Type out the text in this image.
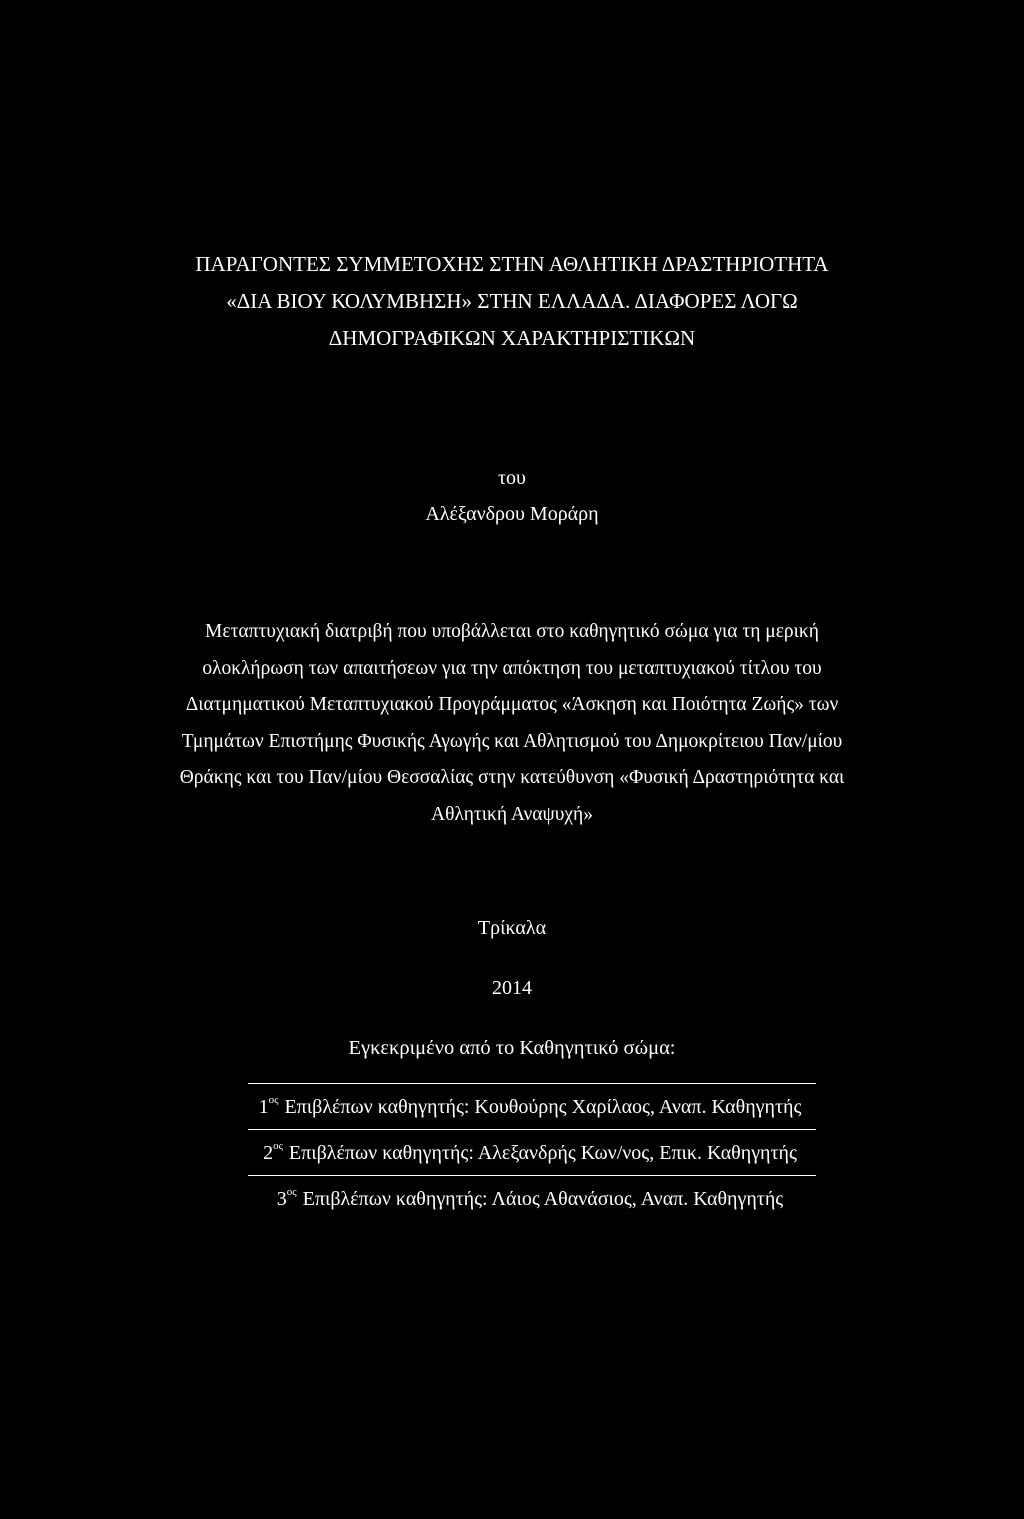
ΠΑΡΑΓΟΝΤΕΣ ΣΥΜΜΕΤΟΧΗΣ ΣΤΗΝ ΑΘΛΗΤΙΚΗ ΔΡΑΣΤΗΡΙΟΤΗΤΑ
«ΔΙΑ ΒΙΟΥ ΚΟΛΥΜΒΗΣΗ» ΣΤΗΝ ΕΛΛΑΔΑ. ΔΙΑΦΟΡΕΣ ΛΟΓΩ
ΔΗΜΟΓΡΑΦΙΚΩΝ ΧΑΡΑΚΤΗΡΙΣΤΙΚΩΝ
του
Αλέξανδρου Μοράρη
Μεταπτυχιακή διατριβή που υποβάλλεται στο καθηγητικό σώμα για τη μερική
ολοκλήρωση των απαιτήσεων για την απόκτηση του μεταπτυχιακού τίτλου του
Διατμηματικού Μεταπτυχιακού Προγράμματος «Άσκηση και Ποιότητα Ζωής» των
Τμημάτων Επιστήμης Φυσικής Αγωγής και Αθλητισμού του Δημοκρίτειου Παν/μίου
Θράκης και του Παν/μίου Θεσσαλίας στην κατεύθυνση «Φυσική Δραστηριότητα και
Αθλητική Αναψυχή»
Τρίκαλα
2014
Εγκεκριμένο από το Καθηγητικό σώμα:
$1^{o\varsigma}$ Επιβλέπων καθηγητής: Κουθούρης Χαρίλαος, Αναπ. Καθηγητής
$2^{o\varsigma}$ Επιβλέπων καθηγητής: Αλεξανδρής Κων/νος, Επικ. Καθηγητής
$3^{o\varsigma}$ Επιβλέπων καθηγητής: Λάιος Αθανάσιος, Αναπ. Καθηγητής
